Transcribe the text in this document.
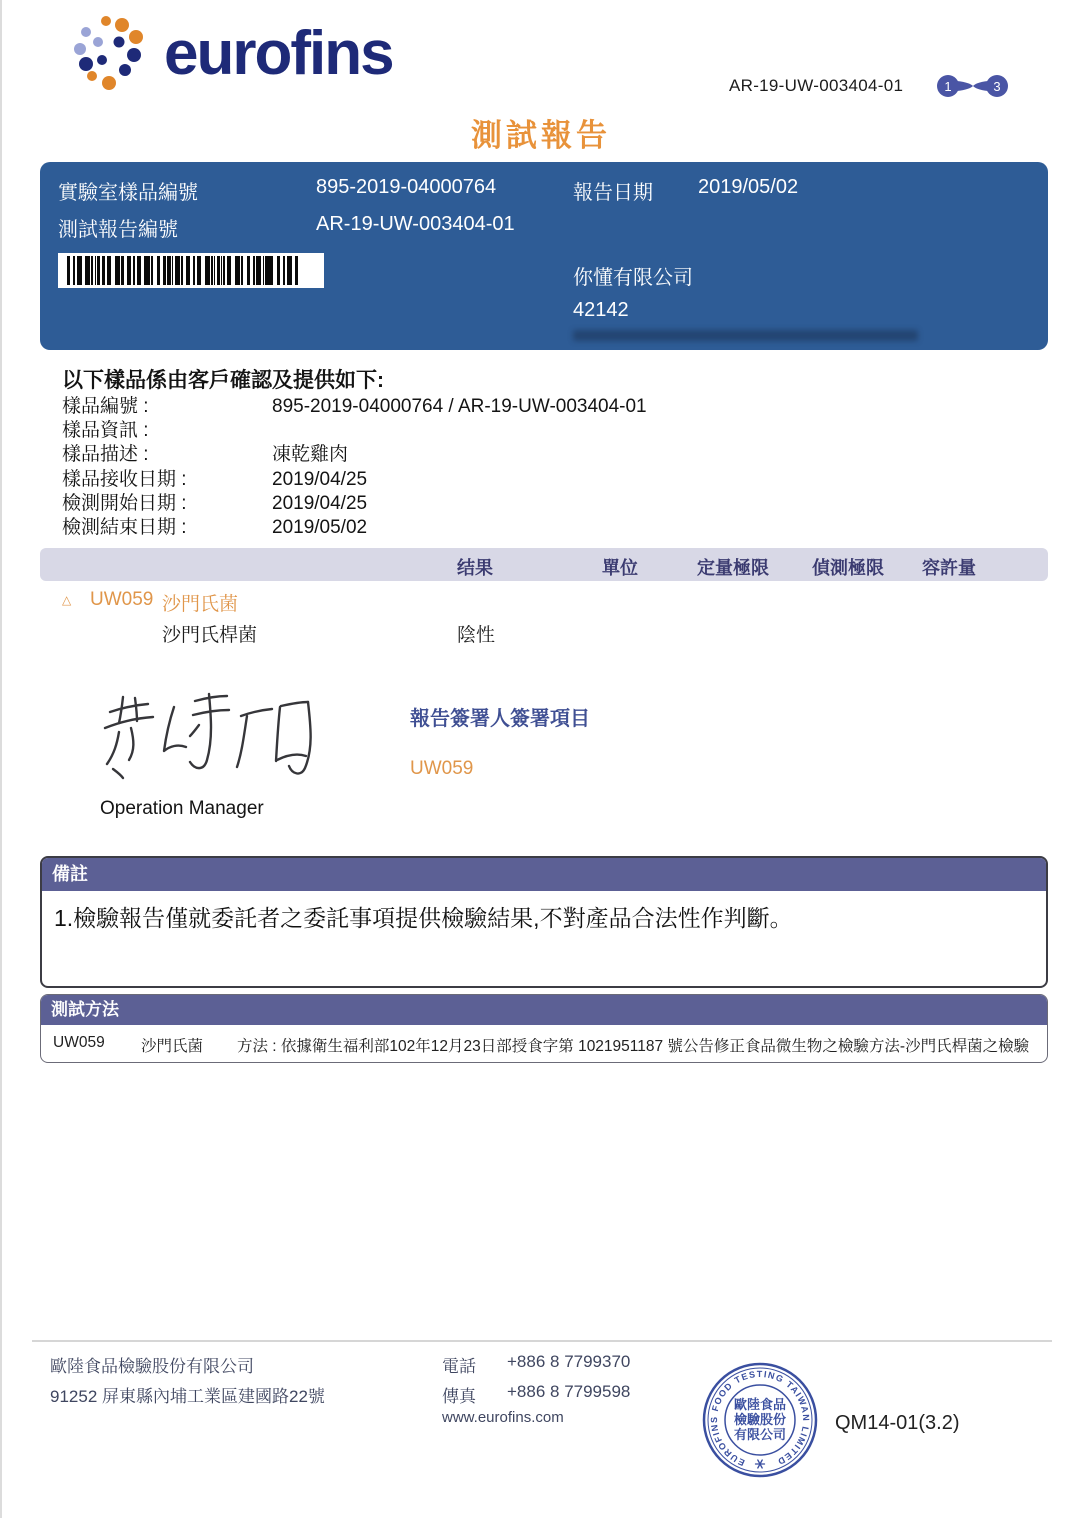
eurofins	AR-19-UW-003404-01	1	3
測試報告
實驗室樣品編號	895-2019-04000764	報告日期 2019/05/02
測試報告編號	AR-19-UW-003404-01
你懂有限公司
42142
以下樣品係由客戶確認及提供如下:
樣品編號 :	895-2019-04000764 / AR-19-UW-003404-01
樣品資訊 :
樣品描述 :	凍乾雞肉
樣品接收日期 :	2019/04/25
檢測開始日期 :	2019/04/25
檢測結束日期 :	2019/05/02
结果	單位	定量極限 偵測極限 容許量
△ UW059 沙門氏菌
沙門氏桿菌	陰性
Operation Manager
報告簽署人簽署項目
UW059
備註
1.檢驗報告僅就委託者之委託事項提供檢驗結果,不對產品合法性作判斷。
測試方法
UW059 沙門氏菌 方法 : 依據衛生福利部102年12月23日部授食字第 1021951187 號公告修正食品微生物之檢驗方法-沙門氏桿菌之檢驗
歐陸食品檢驗股份有限公司
91252 屏東縣內埔工業區建國路22號
電話 +886 8 7799370
傳真 +886 8 7799598
www.eurofins.com
EUROFINS FOOD TESTING TAIWAN LIMITED
歐陸食品
檢驗股份
有限公司
QM14-01(3.2)
